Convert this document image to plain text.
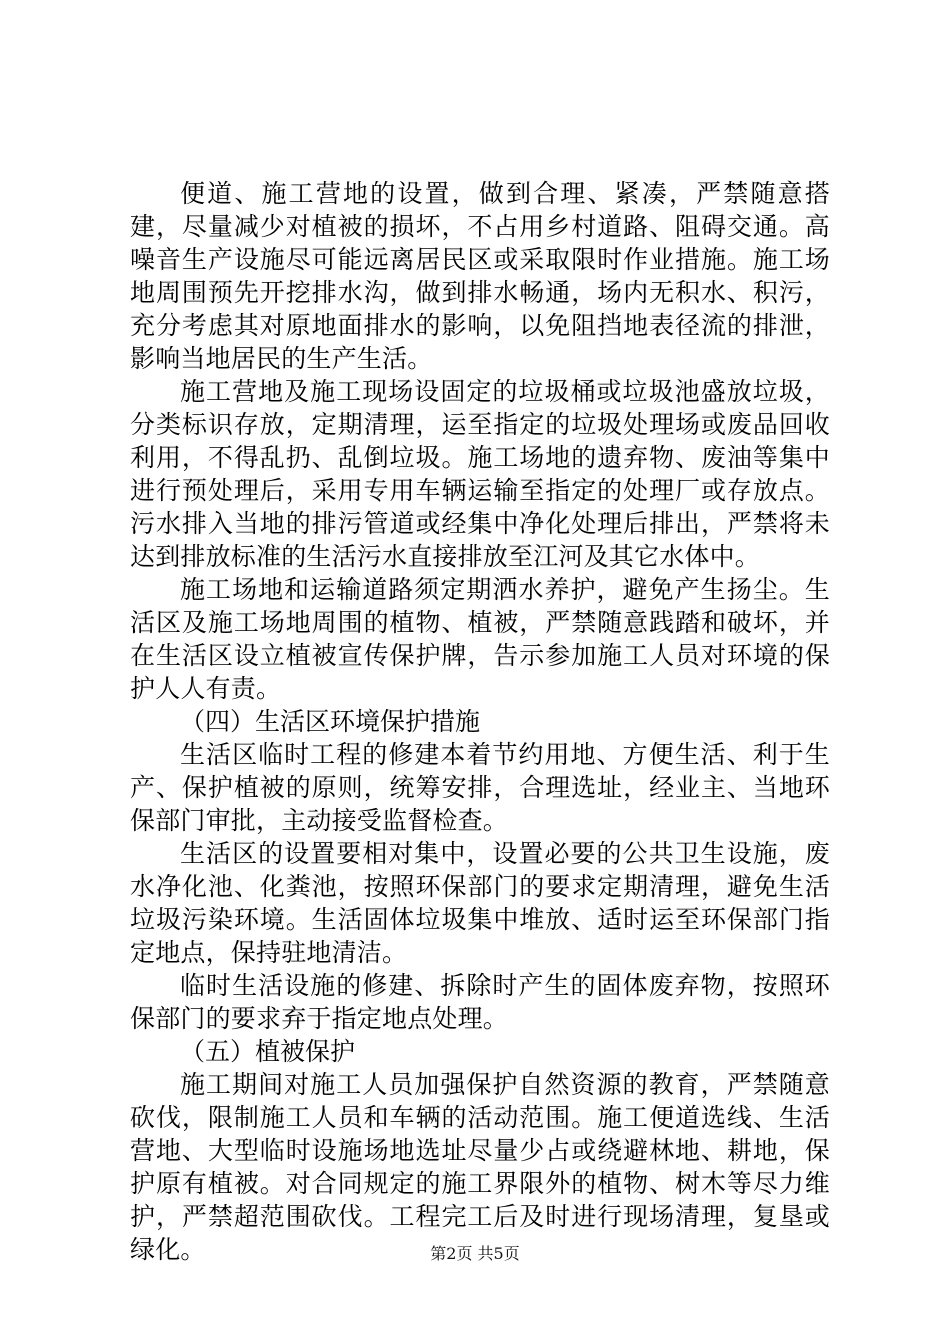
便道、施工营地的设置，做到合理、紧凑，严禁随意搭建，尽量减少对植被的损坏，不占用乡村道路、阻碍交通。高噪音生产设施尽可能远离居民区或采取限时作业措施。施工场地周围预先开挖排水沟，做到排水畅通，场内无积水、积污，充分考虑其对原地面排水的影响，以免阻挡地表径流的排泄，影响当地居民的生产生活。

施工营地及施工现场设固定的垃圾桶或垃圾池盛放垃圾，分类标识存放，定期清理，运至指定的垃圾处理场或废品回收利用，不得乱扔、乱倒垃圾。施工场地的遗弃物、废油等集中进行预处理后，采用专用车辆运输至指定的处理厂或存放点。污水排入当地的排污管道或经集中净化处理后排出，严禁将未达到排放标准的生活污水直接排放至江河及其它水体中。

施工场地和运输道路须定期洒水养护，避免产生扬尘。生活区及施工场地周围的植物、植被，严禁随意践踏和破坏，并在生活区设立植被宣传保护牌，告示参加施工人员对环境的保护人人有责。

（四）生活区环境保护措施

生活区临时工程的修建本着节约用地、方便生活、利于生产、保护植被的原则，统筹安排，合理选址，经业主、当地环保部门审批，主动接受监督检查。

生活区的设置要相对集中，设置必要的公共卫生设施，废水净化池、化粪池，按照环保部门的要求定期清理，避免生活垃圾污染环境。生活固体垃圾集中堆放、适时运至环保部门指定地点，保持驻地清洁。

临时生活设施的修建、拆除时产生的固体废弃物，按照环保部门的要求弃于指定地点处理。

（五）植被保护

施工期间对施工人员加强保护自然资源的教育，严禁随意砍伐，限制施工人员和车辆的活动范围。施工便道选线、生活营地、大型临时设施场地选址尽量少占或绕避林地、耕地，保护原有植被。对合同规定的施工界限外的植物、树木等尽力维护，严禁超范围砍伐。工程完工后及时进行现场清理，复垦或绿化。	第2页 共5页
